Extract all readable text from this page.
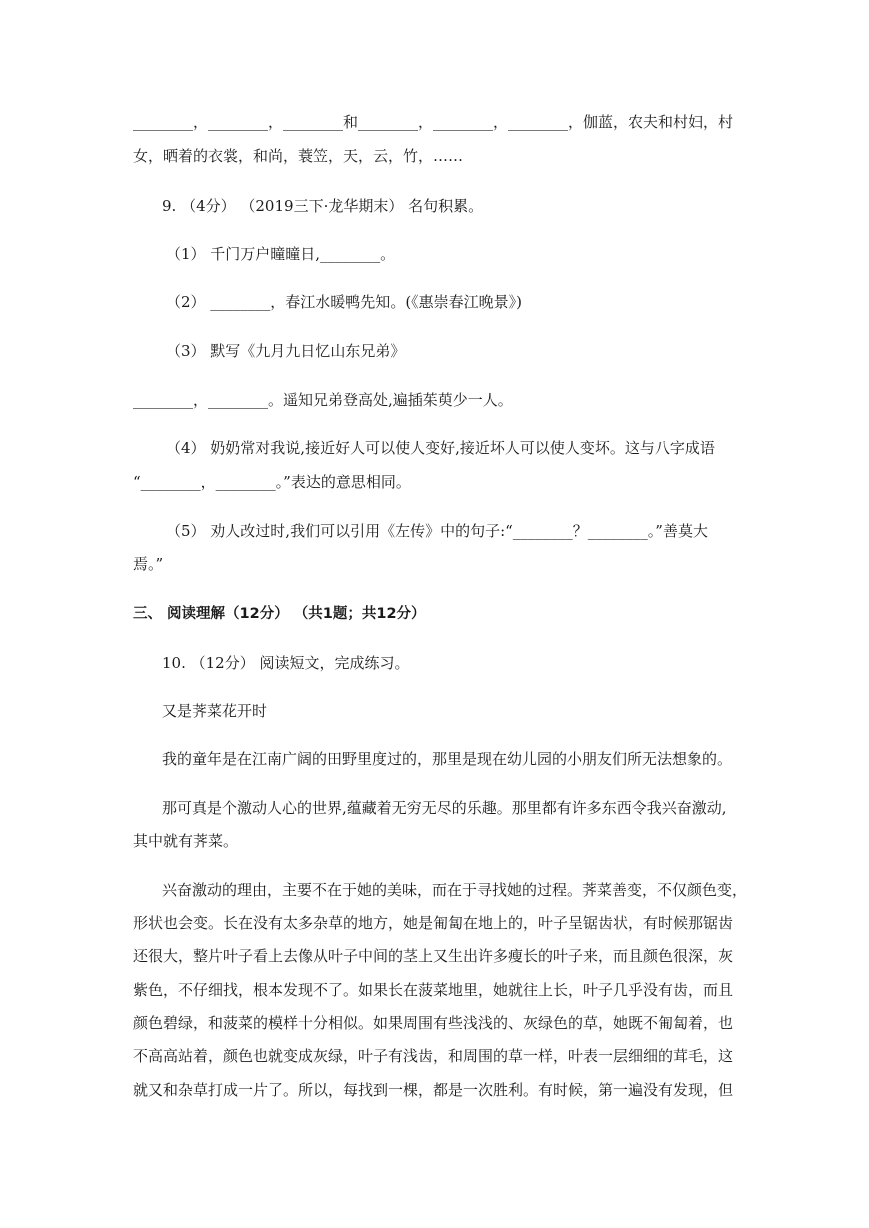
________，________，________和________，________，________，伽蓝，农夫和村妇，村
女，晒着的衣裳，和尚，蓑笠，天，云，竹，……
9. （4分） （2019三下·龙华期末） 名句积累。
（1） 千门万户曈曈日,________。
（2） ________，春江水暖鸭先知。(《惠崇春江晚景》)
（3） 默写《九月九日忆山东兄弟》
________，________。遥知兄弟登高处,遍插茱萸少一人。
（4） 奶奶常对我说,接近好人可以使人变好,接近坏人可以使人变坏。这与八字成语
“________，________。”表达的意思相同。
（5） 劝人改过时,我们可以引用《左传》中的句子:“________？________。”善莫大
焉。”
三、 阅读理解（12分） （共1题；共12分）
10. （12分） 阅读短文，完成练习。
又是荠菜花开时
我的童年是在江南广阔的田野里度过的，那里是现在幼儿园的小朋友们所无法想象的。
那可真是个激动人心的世界,蕴藏着无穷无尽的乐趣。那里都有许多东西令我兴奋激动,
其中就有荠菜。
兴奋激动的理由，主要不在于她的美味，而在于寻找她的过程。荠菜善变，不仅颜色变，
形状也会变。长在没有太多杂草的地方，她是匍匐在地上的，叶子呈锯齿状，有时候那锯齿
还很大，整片叶子看上去像从叶子中间的茎上又生出许多瘦长的叶子来，而且颜色很深，灰
紫色，不仔细找，根本发现不了。如果长在菠菜地里，她就往上长，叶子几乎没有齿，而且
颜色碧绿，和菠菜的模样十分相似。如果周围有些浅浅的、灰绿色的草，她既不匍匐着，也
不高高站着，颜色也就变成灰绿，叶子有浅齿，和周围的草一样，叶表一层细细的茸毛，这
就又和杂草打成一片了。所以，每找到一棵，都是一次胜利。有时候，第一遍没有发现，但
